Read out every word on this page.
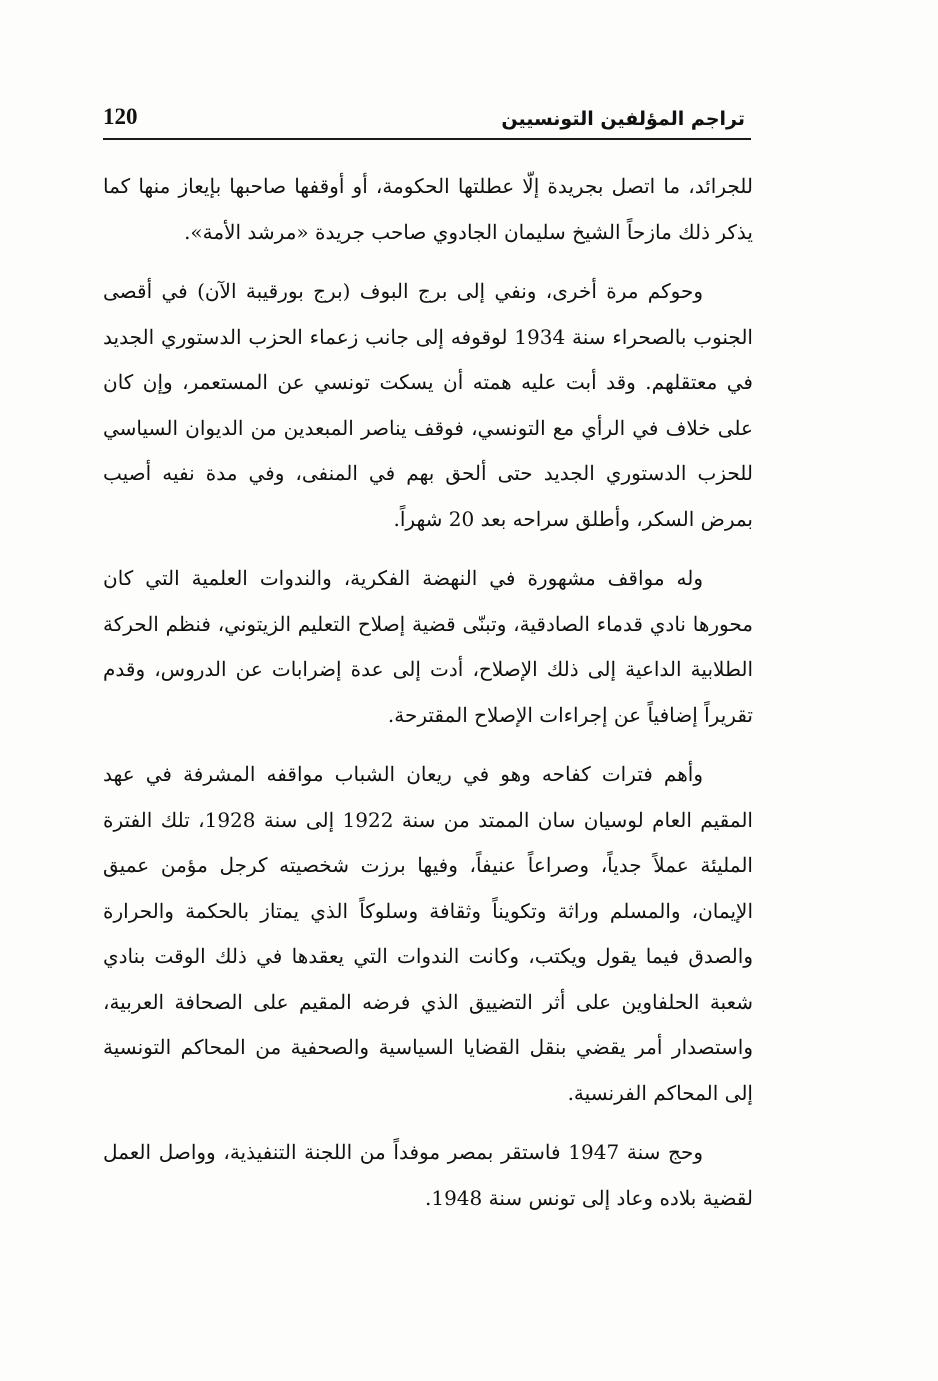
تراجم المؤلفين التونسيين
120

للجرائد، ما اتصل بجريدة إلّا عطلتها الحكومة، أو أوقفها صاحبها بإيعاز منها كما يذكر ذلك مازحاً الشيخ سليمان الجادوي صاحب جريدة «مرشد الأمة».

وحوكم مرة أخرى، ونفي إلى برج البوف (برج بورقيبة الآن) في أقصى الجنوب بالصحراء سنة 1934 لوقوفه إلى جانب زعماء الحزب الدستوري الجديد في معتقلهم. وقد أبت عليه همته أن يسكت تونسي عن المستعمر، وإن كان على خلاف في الرأي مع التونسي، فوقف يناصر المبعدين من الديوان السياسي للحزب الدستوري الجديد حتى ألحق بهم في المنفى، وفي مدة نفيه أصيب بمرض السكر، وأطلق سراحه بعد 20 شهراً.

وله مواقف مشهورة في النهضة الفكرية، والندوات العلمية التي كان محورها نادي قدماء الصادقية، وتبنّى قضية إصلاح التعليم الزيتوني، فنظم الحركة الطلابية الداعية إلى ذلك الإصلاح، أدت إلى عدة إضرابات عن الدروس، وقدم تقريراً إضافياً عن إجراءات الإصلاح المقترحة.

وأهم فترات كفاحه وهو في ريعان الشباب مواقفه المشرفة في عهد المقيم العام لوسيان سان الممتد من سنة 1922 إلى سنة 1928، تلك الفترة المليئة عملاً جدياً، وصراعاً عنيفاً، وفيها برزت شخصيته كرجل مؤمن عميق الإيمان، والمسلم وراثة وتكويناً وثقافة وسلوكاً الذي يمتاز بالحكمة والحرارة والصدق فيما يقول ويكتب، وكانت الندوات التي يعقدها في ذلك الوقت بنادي شعبة الحلفاوين على أثر التضييق الذي فرضه المقيم على الصحافة العربية، واستصدار أمر يقضي بنقل القضايا السياسية والصحفية من المحاكم التونسية إلى المحاكم الفرنسية.

وحج سنة 1947 فاستقر بمصر موفداً من اللجنة التنفيذية، وواصل العمل لقضية بلاده وعاد إلى تونس سنة 1948.
